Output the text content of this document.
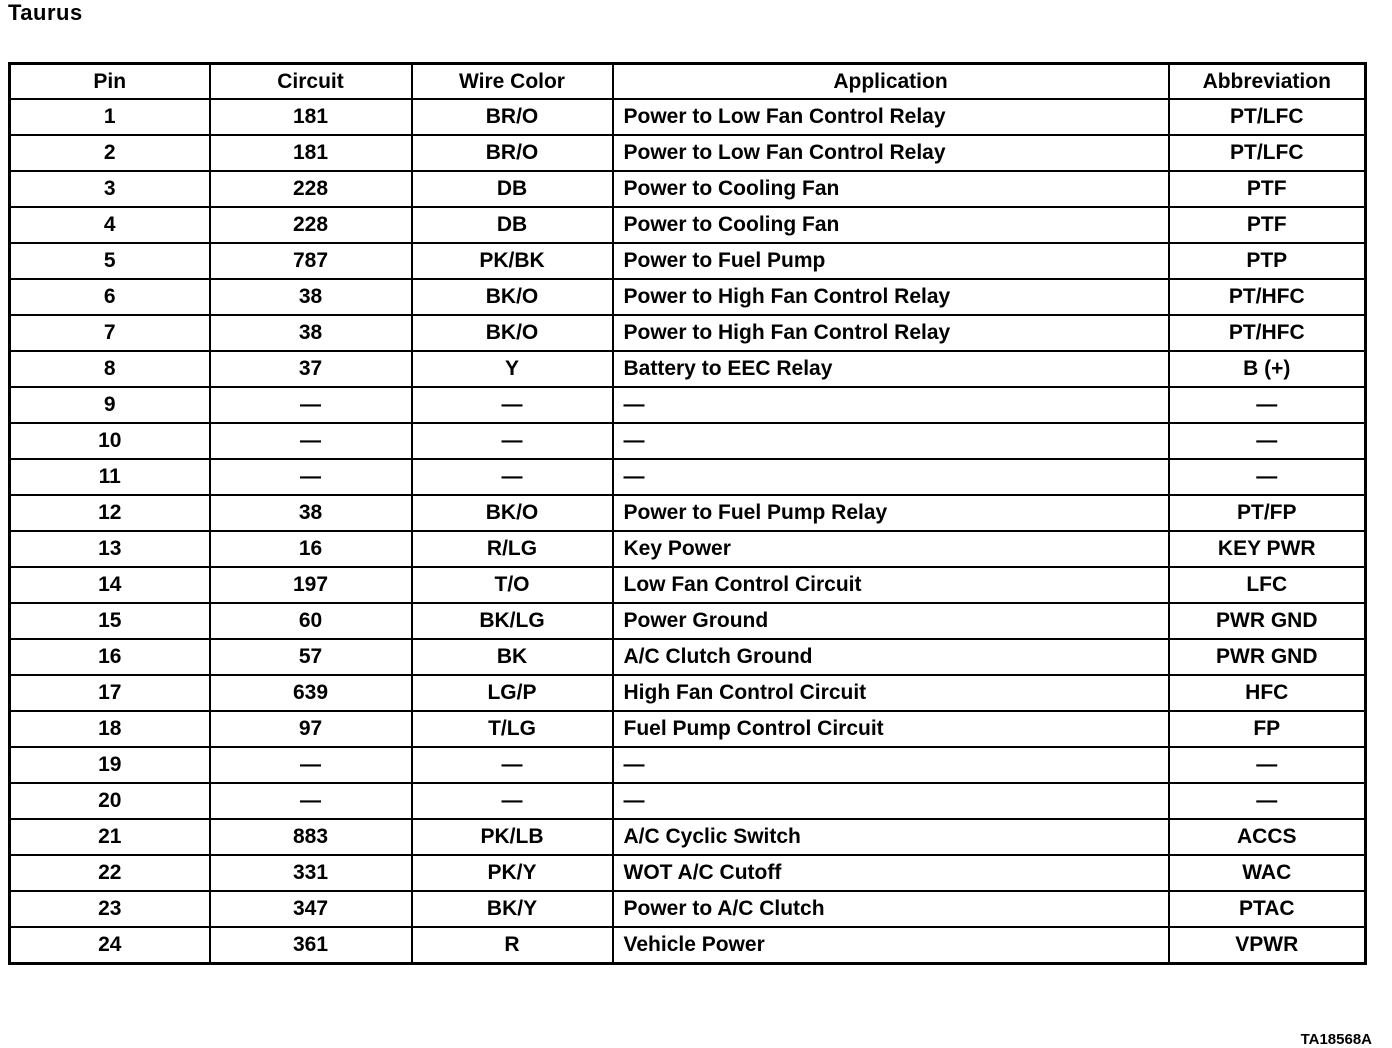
Taurus
Pin	Circuit	Wire Color	Application	Abbreviation
1	181	BR/O	Power to Low Fan Control Relay	PT/LFC
2	181	BR/O	Power to Low Fan Control Relay	PT/LFC
3	228	DB	Power to Cooling Fan	PTF
4	228	DB	Power to Cooling Fan	PTF
5	787	PK/BK	Power to Fuel Pump	PTP
6	38	BK/O	Power to High Fan Control Relay	PT/HFC
7	38	BK/O	Power to High Fan Control Relay	PT/HFC
8	37	Y	Battery to EEC Relay	B (+)
9	—	—	—	—
10	—	—	—	—
11	—	—	—	—
12	38	BK/O	Power to Fuel Pump Relay	PT/FP
13	16	R/LG	Key Power	KEY PWR
14	197	T/O	Low Fan Control Circuit	LFC
15	60	BK/LG	Power Ground	PWR GND
16	57	BK	A/C Clutch Ground	PWR GND
17	639	LG/P	High Fan Control Circuit	HFC
18	97	T/LG	Fuel Pump Control Circuit	FP
19	—	—	—	—
20	—	—	—	—
21	883	PK/LB	A/C Cyclic Switch	ACCS
22	331	PK/Y	WOT A/C Cutoff	WAC
23	347	BK/Y	Power to A/C Clutch	PTAC
24	361	R	Vehicle Power	VPWR
TA18568A
